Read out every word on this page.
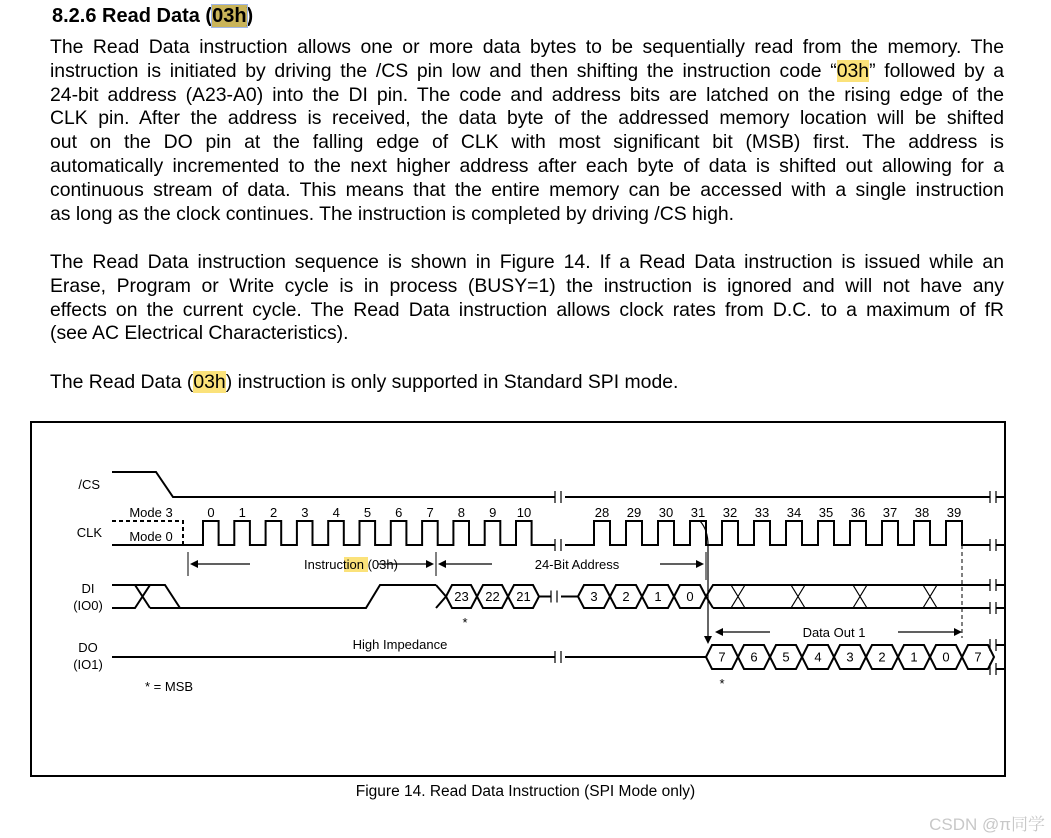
8.2.6 Read Data (03h)
The Read Data instruction allows one or more data bytes to be sequentially read from the memory. The
instruction is initiated by driving the /CS pin low and then shifting the instruction code “03h” followed by a
24-bit address (A23-A0) into the DI pin. The code and address bits are latched on the rising edge of the
CLK pin. After the address is received, the data byte of the addressed memory location will be shifted
out on the DO pin at the falling edge of CLK with most significant bit (MSB) first. The address is
automatically incremented to the next higher address after each byte of data is shifted out allowing for a
continuous stream of data. This means that the entire memory can be accessed with a single instruction
as long as the clock continues. The instruction is completed by driving /CS high.
The Read Data instruction sequence is shown in Figure 14. If a Read Data instruction is issued while an
Erase, Program or Write cycle is in process (BUSY=1) the instruction is ignored and will not have any
effects on the current cycle. The Read Data instruction allows clock rates from D.C. to a maximum of fR
(see AC Electrical Characteristics).
The Read Data (03h) instruction is only supported in Standard SPI mode.
/CS
CLK
DI
(IO0)
DO
(IO1)
Mode 3
Mode 0
Instruction (03h)	24-Bit Address
High Impedance
Data Out 1
*
*
* = MSB
0 1 2 3 4 5 6 7 8 9 10	28 29 30 31 32 33 34 35 36 37 38 39
23 22 21	3 2 1 0
7 6 5 4 3 2 1 0 7
Figure 14. Read Data Instruction (SPI Mode only)
CSDN @π同学
